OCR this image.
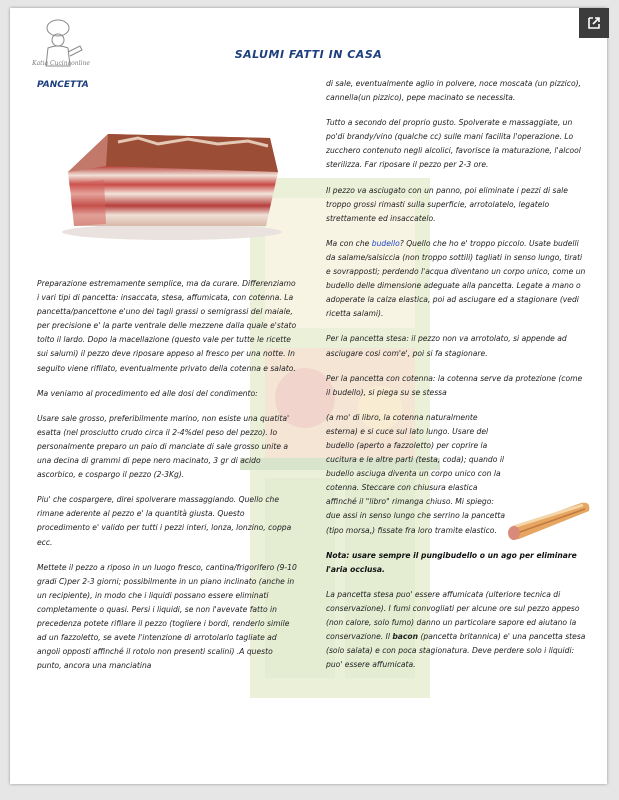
Katia Cucinaonline
SALUMI FATTI IN CASA
PANCETTA

Preparazione estremamente semplice, ma da curare. Differenziamo i vari tipi di pancetta: insaccata, stesa, affumicata, con cotenna. La pancetta/pancettone e'uno dei tagli grassi o semigrassi del maiale, per precisione e' la parte ventrale delle mezzene dalla quale e'stato tolto il lardo. Dopo la macellazione (questo vale per tutte le ricette sui salumi) il pezzo deve riposare appeso al fresco per una notte. In seguito viene rifilato, eventualmente privato della cotenna e salato.

Ma veniamo al procedimento ed alle dosi del condimento:

Usare sale grosso, preferibilmente marino, non esiste una quatita' esatta (nel prosciutto crudo circa il 2-4%del peso del pezzo). Io personalmente preparo un paio di manciate di sale grosso unite a una decina di grammi di pepe nero macinato, 3 gr di acido ascorbico, e cospargo il pezzo (2-3Kg).

Piu' che cospargere, direi spolverare massaggiando. Quello che rimane aderente al pezzo e' la quantità giusta. Questo procedimento e' valido per tutti i pezzi interi, lonza, lonzino, coppa ecc.

Mettete il pezzo a riposo in un luogo fresco, cantina/frigorifero (9-10 gradi C)per 2-3 giorni; possibilmente in un piano inclinato (anche in un recipiente), in modo che i liquidi possano essere eliminati completamente o quasi. Persi i liquidi, se non l'avevate fatto in precedenza potete rifilare il pezzo (togliere i bordi, renderlo simile ad un fazzoletto, se avete l'intenzione di arrotolarlo tagliate ad angoli opposti affinché il rotolo non presenti scalini) .A questo punto, ancora una manciatina

di sale, eventualmente aglio in polvere, noce moscata (un pizzico), cannella(un pizzico), pepe macinato se necessita.

Tutto a secondo del proprio gusto. Spolverate e massaggiate, un po'di brandy/vino (qualche cc) sulle mani facilita l'operazione. Lo zucchero contenuto negli alcolici, favorisce la maturazione, l'alcool sterilizza. Far riposare il pezzo per 2-3 ore.

Il pezzo va asciugato con un panno, poi eliminate i pezzi di sale troppo grossi rimasti sulla superficie, arrotolatelo, legatelo strettamente ed insaccatelo.

Ma con che budello? Quello che ho e' troppo piccolo. Usate budelli da salame/salsiccia (non troppo sottili) tagliati in senso lungo, tirati e sovrapposti; perdendo l'acqua diventano un corpo unico, come un budello delle dimensione adeguate alla pancetta. Legate a mano o adoperate la calza elastica, poi ad asciugare ed a stagionare (vedi ricetta salami).

Per la pancetta stesa: il pezzo non va arrotolato, si appende ad asciugare cosi com'e', poi si fa stagionare.

Per la pancetta con cotenna: la cotenna serve da protezione (come il budello), si piega su se stessa

(a mo' di libro, la cotenna naturalmente esterna) e si cuce sul lato lungo. Usare del budello (aperto a fazzoletto) per coprire la cucitura e le altre parti (testa, coda); quando il budello asciuga diventa un corpo unico con la cotenna. Steccare con chiusura elastica affinché il "libro" rimanga chiuso. Mi spiego: due assi in senso lungo che serrino la pancetta (tipo morsa,) fissate fra loro tramite elastico.

Nota: usare sempre il pungibudello o un ago per eliminare l'aria occlusa.

La pancetta stesa puo' essere affumicata (ulteriore tecnica di conservazione). I fumi convogliati per alcune ore sul pezzo appeso (non calore, solo fumo) danno un particolare sapore ed aiutano la conservazione. Il bacon (pancetta britannica) e' una pancetta stesa (solo salata) e con poca stagionatura. Deve perdere solo i liquidi: puo' essere affumicata.
